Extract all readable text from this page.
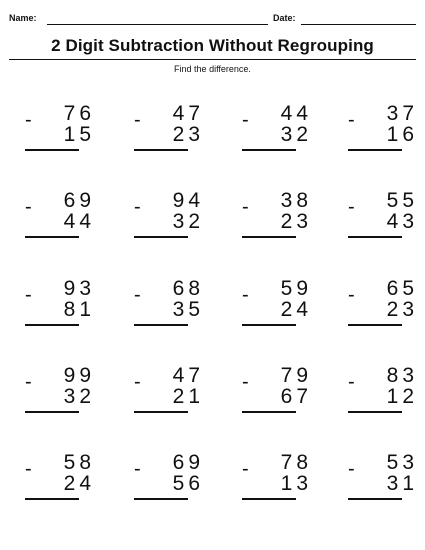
Name:	Date:
2 Digit Subtraction Without Regrouping
Find the difference.
76
-
15
47
-
23
44
-
32
37
-
16
69
-
44
94
-
32
38
-
23
55
-
43
93
-
81
68
-
35
59
-
24
65
-
23
99
-
32
47
-
21
79
-
67
83
-
12
58
-
24
69
-
56
78
-
13
53
-
31
